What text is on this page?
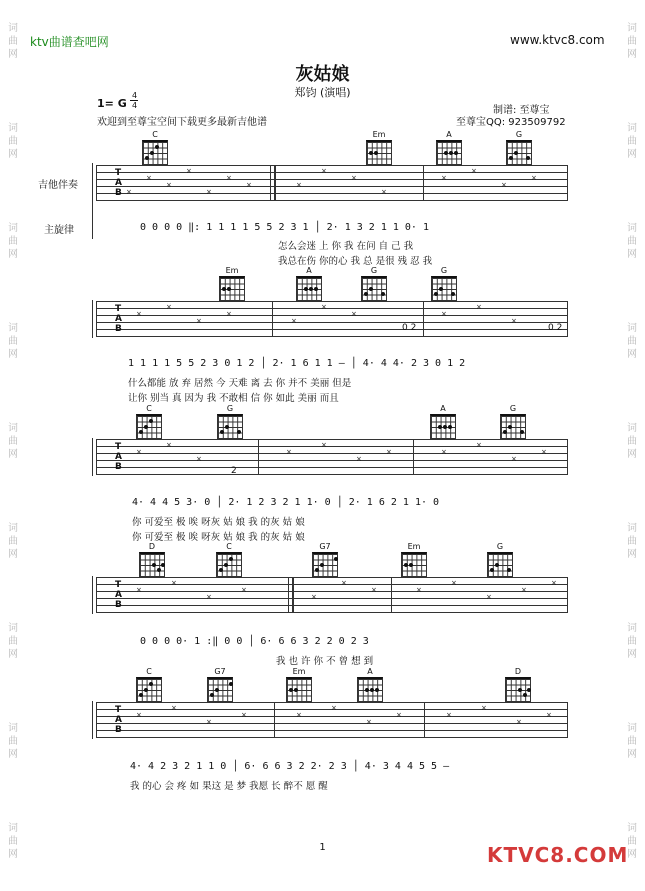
词曲网
词曲网
词曲网
词曲网
词曲网
词曲网
词曲网
词曲网
词曲网
词曲网
词曲网
词曲网
词曲网
词曲网
词曲网
词曲网
词曲网
词曲网
ktv曲谱查吧网	www.ktvc8.com
灰姑娘
郑钧 (演唱)
1= G
4
4
欢迎到至尊宝空间下载更多最新吉他谱
制谱: 至尊宝
至尊宝QQ: 923509792
吉他伴奏
主旋律
C	Em	A	G
T
A
B ×
×
×
×
×
×
×	×
×
×
×
×
×
×
×
0 0 0 0 ‖: 1 1 1 1 5 5 2 3 1 │ 2· 1 3 2 1 1 0· 1
怎么会迷 上 你 我 在问 自 己 我
我总在伤 你的心 我 总 是很 残 忍 我
Em	A	G	G
T
A
B
×
×
×
×
×
×
×
0 2
×
×
×
0 2
1 1 1 1 5 5 2 3 0 1 2 │ 2· 1 6 1 1 — │ 4· 4 4· 2 3 0 1 2
什么都能 放 弃 居然 今 天难 离 去 你 并不 美丽 但是
让你 别当 真 因为 我 不敢相 信 你 如此 美丽 而且
C	G	A	G
T
A
B
×
×
×
2
×
×
×
×	×
×
×
×
4· 4 4 5 3· 0 │ 2· 1 2 3 2 1 1· 0 │ 2· 1 6 2 1 1· 0
你 可爱至 极 唉 呀灰 姑 娘 我 的灰 姑 娘
你 可爱至 极 唉 呀灰 姑 娘 我 的灰 姑 娘
D	C	G7	Em	G
T
A
B
×
×
×
×
×
×
×	×
×
×
×
×
0 0 0 0· 1 :‖ 0 0 │ 6· 6 6 3 2 2 0 2 3
我 也 许 你 不 曾 想 到
C	G7	Em	A	D
T
A
B
×
×
×
×	×
×
×
×	×
×
×
×
4· 4 2 3 2 1 1 0 │ 6· 6 6 3 2 2· 2 3 │ 4· 3 4 4 5 5 —
我 的心 会 疼 如 果这 是 梦 我愿 长 醉不 愿 醒
1	KTVC8.COM
